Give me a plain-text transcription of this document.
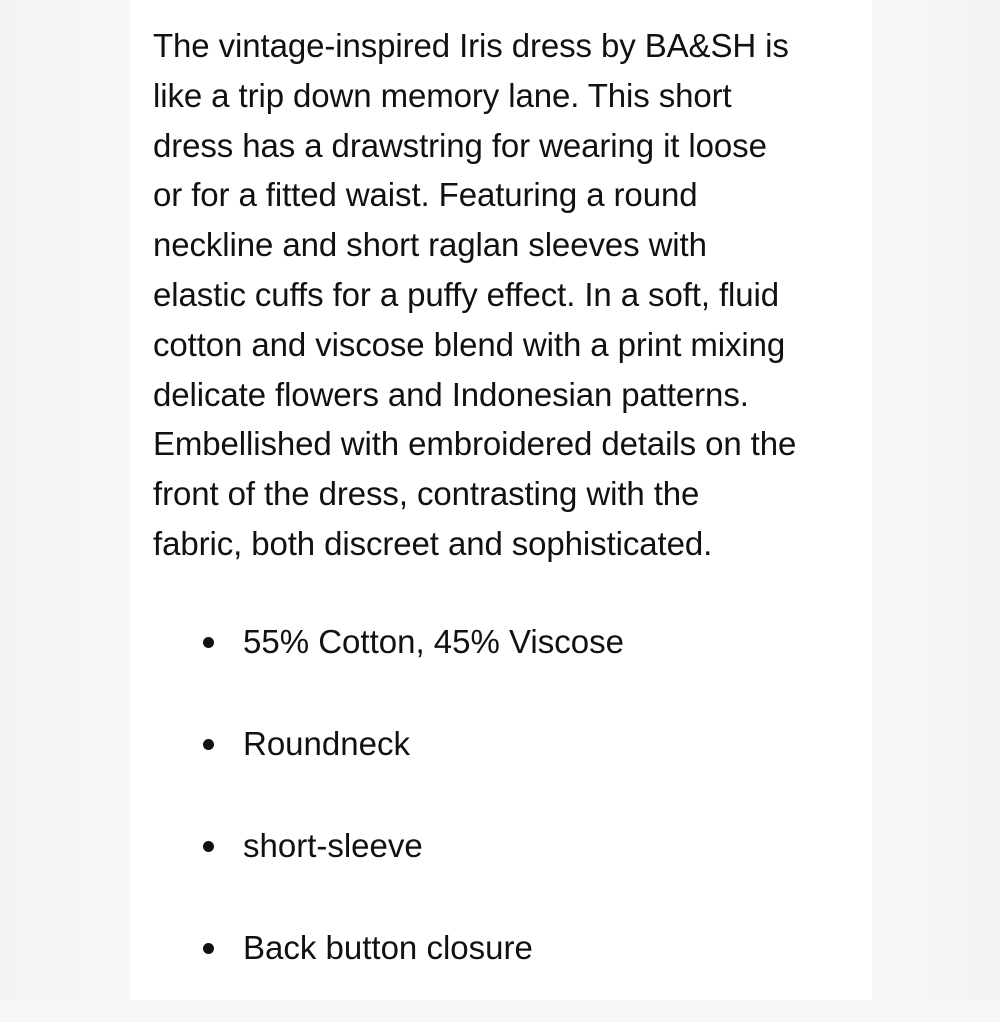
The vintage-inspired Iris dress by BA&SH is
like a trip down memory lane. This short
dress has a drawstring for wearing it loose
or for a fitted waist. Featuring a round
neckline and short raglan sleeves with
elastic cuffs for a puffy effect. In a soft, fluid
cotton and viscose blend with a print mixing
delicate flowers and Indonesian patterns.
Embellished with embroidered details on the
front of the dress, contrasting with the
fabric, both discreet and sophisticated.

55% Cotton, 45% Viscose
Roundneck
short-sleeve
Back button closure
